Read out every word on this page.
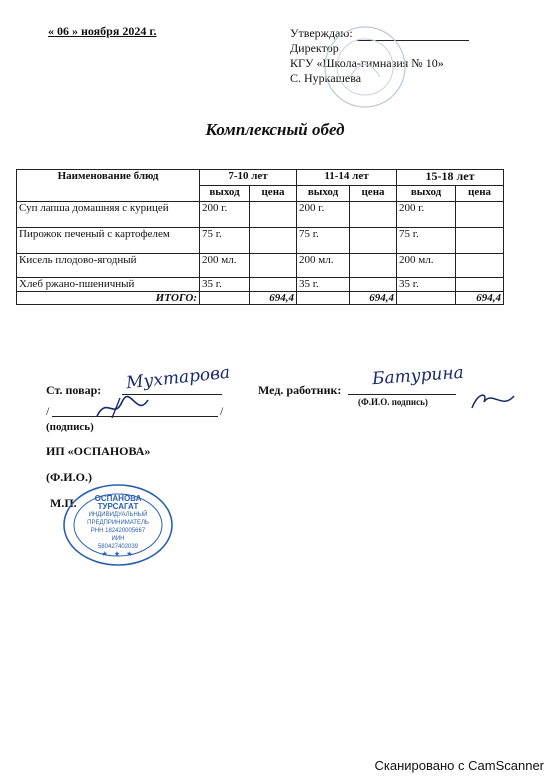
« 06 » ноября 2024 г.	Утверждаю:
Директор
КГУ «Школа-гимназия № 10»
С. Нуркашева
Комплексный обед
Наименование блюд	7-10 лет		11-14 лет		15-18 лет	
	выход	цена	выход	цена	выход	цена
Суп лапша домашняя с курицей	200 г.		200 г.		200 г.	
Пирожок печеный с картофелем	75 г.		75 г.		75 г.	
Кисель плодово-ягодный	200 мл.		200 мл.		200 мл.	
Хлеб ржано-пшеничный	35 г.		35 г.		35 г.	
ИТОГО:		694,4		694,4		694,4
Ст. повар: Мухтарова
/	/
(подпись)
ИП «ОСПАНОВА»
(Ф.И.О.)
М.П.
Мед. работник:
Батурина
(Ф.И.О. подпись)
ОСПАНОВА
ТУРСАГАТ
ИНДИВИДУАЛЬНЫЙ
ПРЕДПРИНИМАТЕЛЬ
РНН 182420005667
ИИН
580427402039
★ ★ ★
Сканировано с CamScanner
